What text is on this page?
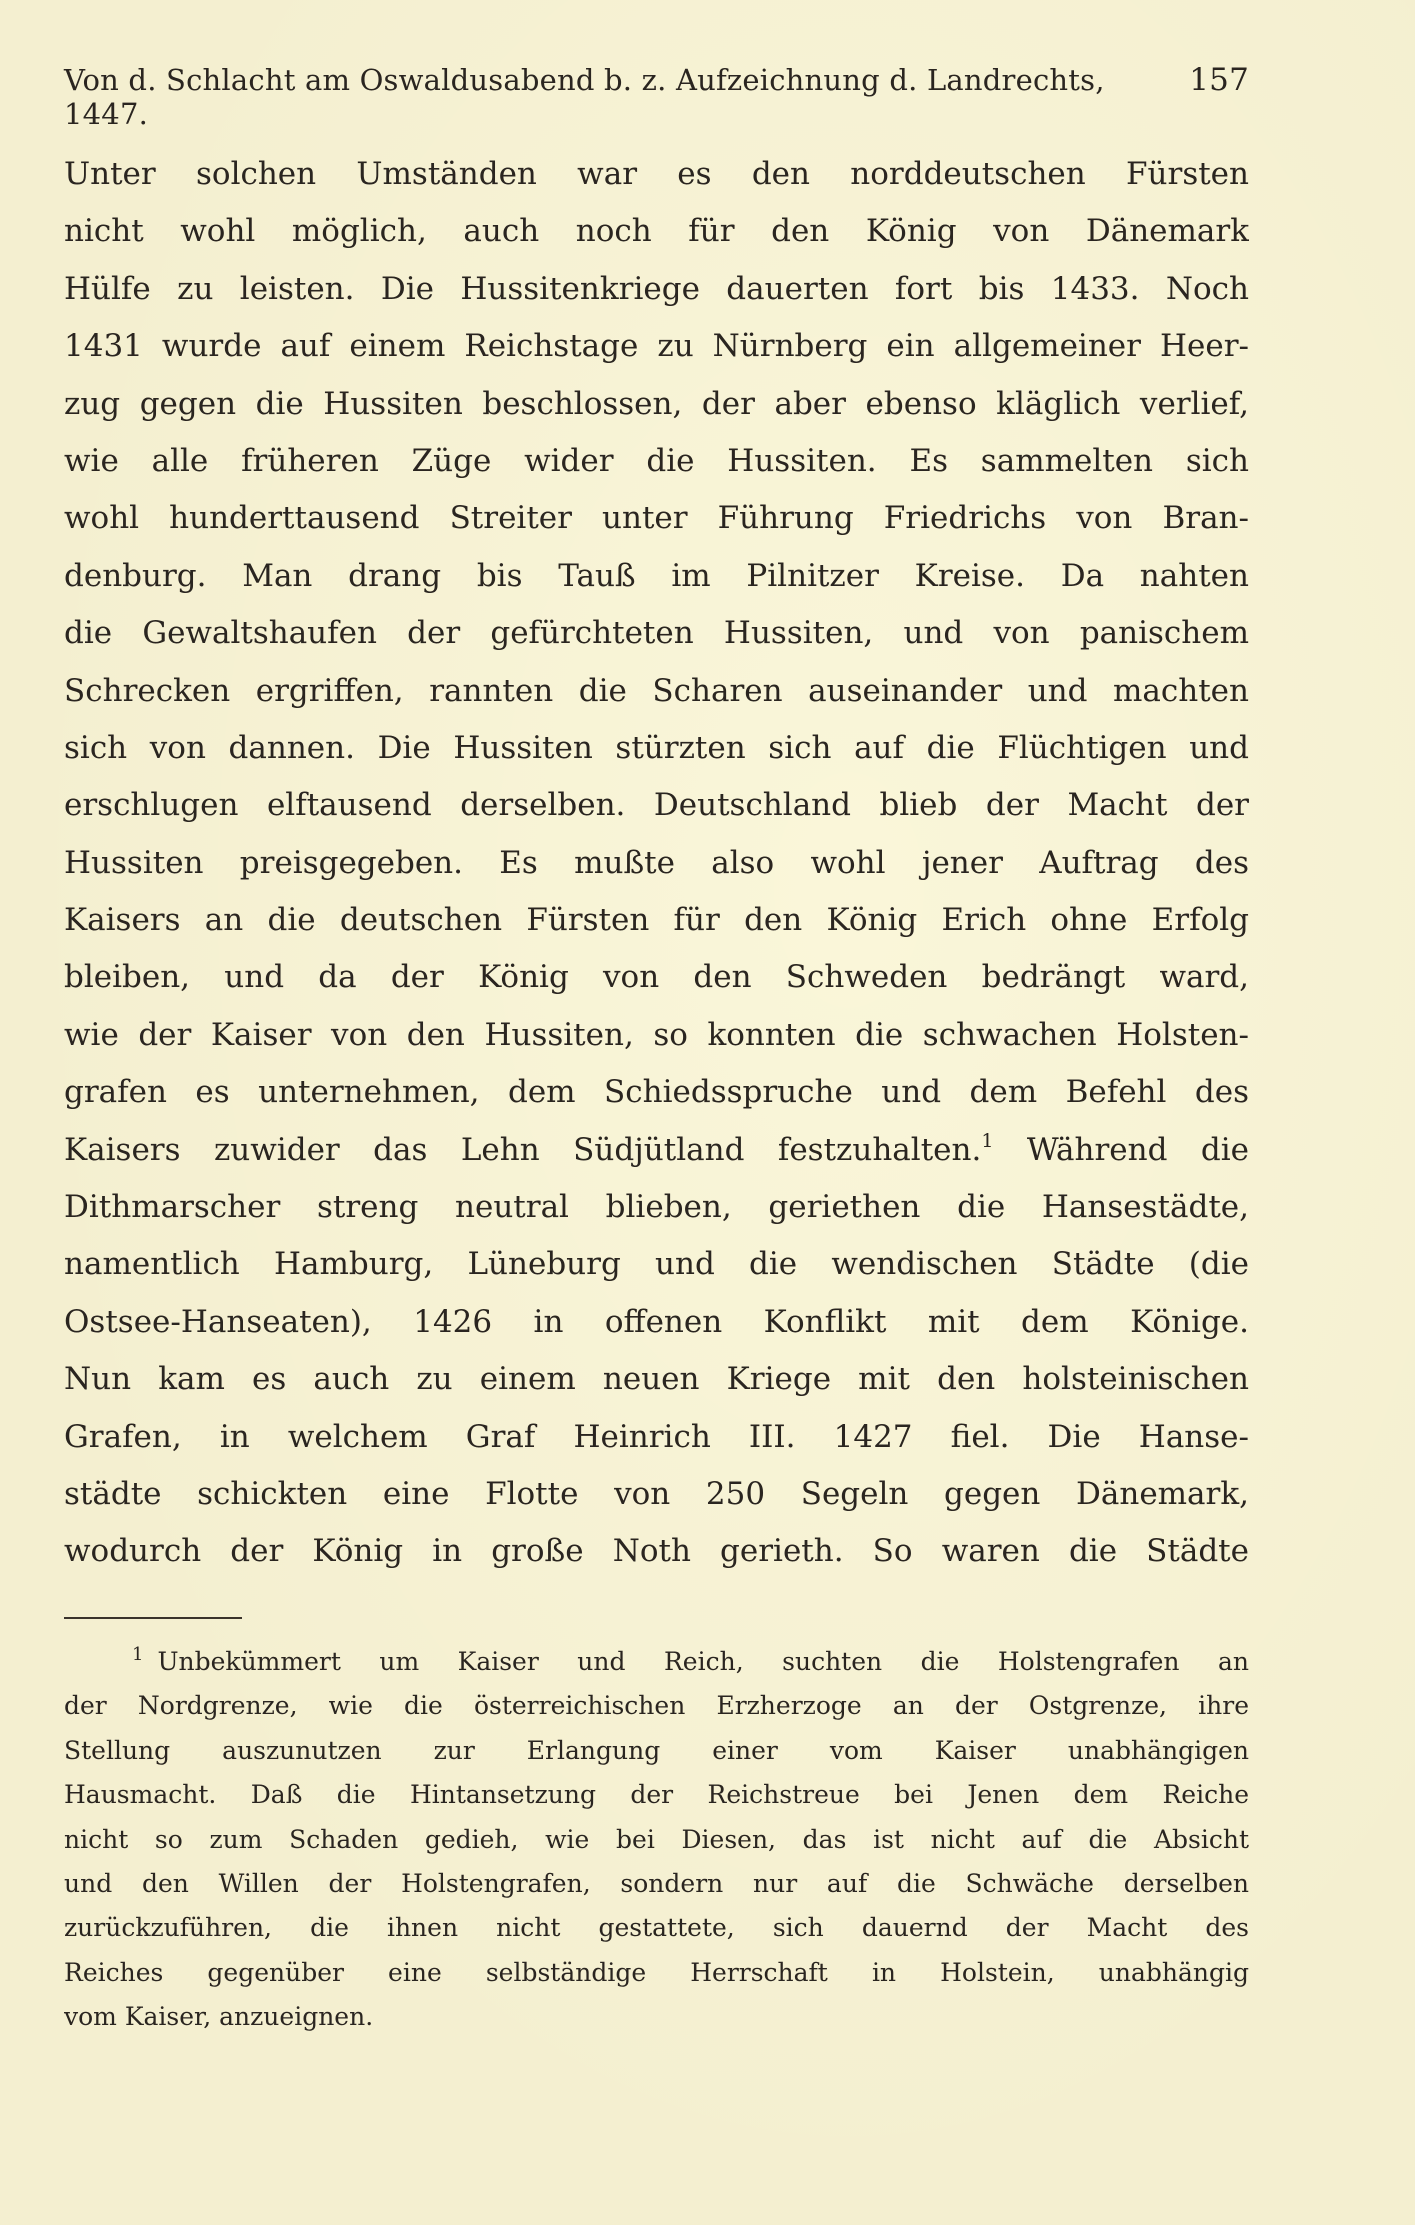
Von d. Schlacht am Oswaldusabend b. z. Aufzeichnung d. Landrechts, 1447.
157
Unter solchen Umständen war es den norddeutschen Fürsten
nicht wohl möglich, auch noch für den König von Dänemark
Hülfe zu leisten. Die Hussitenkriege dauerten fort bis 1433. Noch
1431 wurde auf einem Reichstage zu Nürnberg ein allgemeiner Heer-
zug gegen die Hussiten beschlossen, der aber ebenso kläglich verlief,
wie alle früheren Züge wider die Hussiten. Es sammelten sich
wohl hunderttausend Streiter unter Führung Friedrichs von Bran-
denburg. Man drang bis Tauß im Pilnitzer Kreise. Da nahten
die Gewaltshaufen der gefürchteten Hussiten, und von panischem
Schrecken ergriffen, rannten die Scharen auseinander und machten
sich von dannen. Die Hussiten stürzten sich auf die Flüchtigen und
erschlugen elftausend derselben. Deutschland blieb der Macht der
Hussiten preisgegeben. Es mußte also wohl jener Auftrag des
Kaisers an die deutschen Fürsten für den König Erich ohne Erfolg
bleiben, und da der König von den Schweden bedrängt ward,
wie der Kaiser von den Hussiten, so konnten die schwachen Holsten-
grafen es unternehmen, dem Schiedsspruche und dem Befehl des
Kaisers zuwider das Lehn Südjütland festzuhalten.$^1$ Während die
Dithmarscher streng neutral blieben, geriethen die Hansestädte,
namentlich Hamburg, Lüneburg und die wendischen Städte (die
Ostsee-Hanseaten), 1426 in offenen Konflikt mit dem Könige.
Nun kam es auch zu einem neuen Kriege mit den holsteinischen
Grafen, in welchem Graf Heinrich III. 1427 fiel. Die Hanse-
städte schickten eine Flotte von 250 Segeln gegen Dänemark,
wodurch der König in große Noth gerieth. So waren die Städte
$^1$ Unbekümmert um Kaiser und Reich, suchten die Holstengrafen an
der Nordgrenze, wie die österreichischen Erzherzoge an der Ostgrenze, ihre
Stellung auszunutzen zur Erlangung einer vom Kaiser unabhängigen
Hausmacht. Daß die Hintansetzung der Reichstreue bei Jenen dem Reiche
nicht so zum Schaden gedieh, wie bei Diesen, das ist nicht auf die Absicht
und den Willen der Holstengrafen, sondern nur auf die Schwäche derselben
zurückzuführen, die ihnen nicht gestattete, sich dauernd der Macht des
Reiches gegenüber eine selbständige Herrschaft in Holstein, unabhängig
vom Kaiser, anzueignen.
